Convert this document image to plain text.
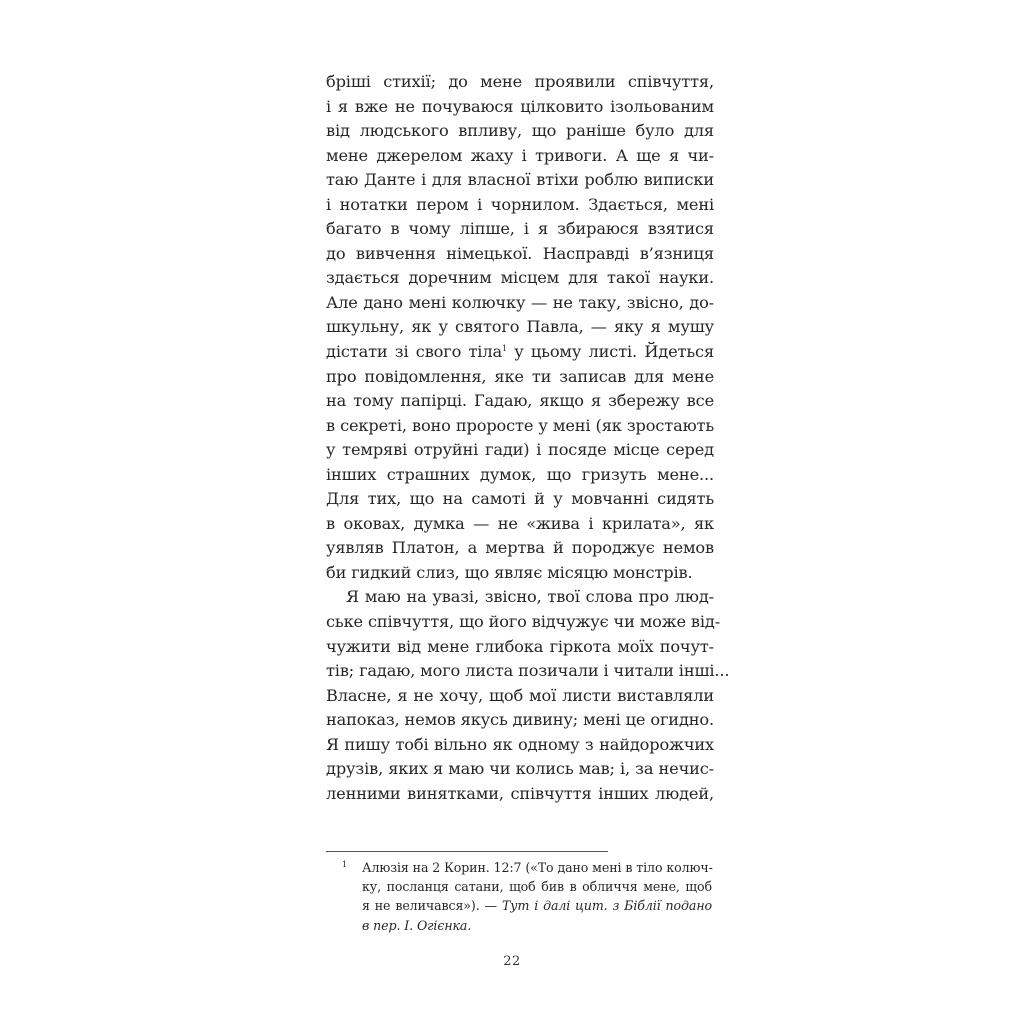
бріші стихії; до мене проявили співчуття,
і я вже не почуваюся цілковито ізольованим
від людського впливу, що раніше було для
мене джерелом жаху і тривоги. А ще я чи-
таю Данте і для власної втіхи роблю виписки
і нотатки пером і чорнилом. Здається, мені
багато в чому ліпше, і я збираюся взятися
до вивчення німецької. Насправді в’язниця
здається доречним місцем для такої науки.
Але дано мені колючку — не таку, звісно, до-
шкульну, як у святого Павла, — яку я мушу
дістати зі свого тіла$^1$ у цьому листі. Йдеться
про повідомлення, яке ти записав для мене
на тому папірці. Гадаю, якщо я збережу все
в секреті, воно проросте у мені (як зростають
у темряві отруйні гади) і посяде місце серед
інших страшних думок, що гризуть мене...
Для тих, що на самоті й у мовчанні сидять
в оковах, думка — не «жива і крилата», як
уявляв Платон, а мертва й породжує немов
би гидкий слиз, що являє місяцю монстрів.
Я маю на увазі, звісно, твої слова про люд-
ське співчуття, що його відчужує чи може від-
чужити від мене глибока гіркота моїх почут-
тів; гадаю, мого листа позичали і читали інші...
Власне, я не хочу, щоб мої листи виставляли
напоказ, немов якусь дивину; мені це огидно.
Я пишу тобі вільно як одному з найдорожчих
друзів, яких я маю чи колись мав; і, за нечис-
ленними винятками, співчуття інших людей,
1 Алюзія на 2 Корин. 12:7 («То дано мені в тіло колюч-
ку, посланця сатани, щоб бив в обличчя мене, щоб
я не величався»). — Тут і далі цит. з Біблії подано
в пер. І. Огієнка.
22
